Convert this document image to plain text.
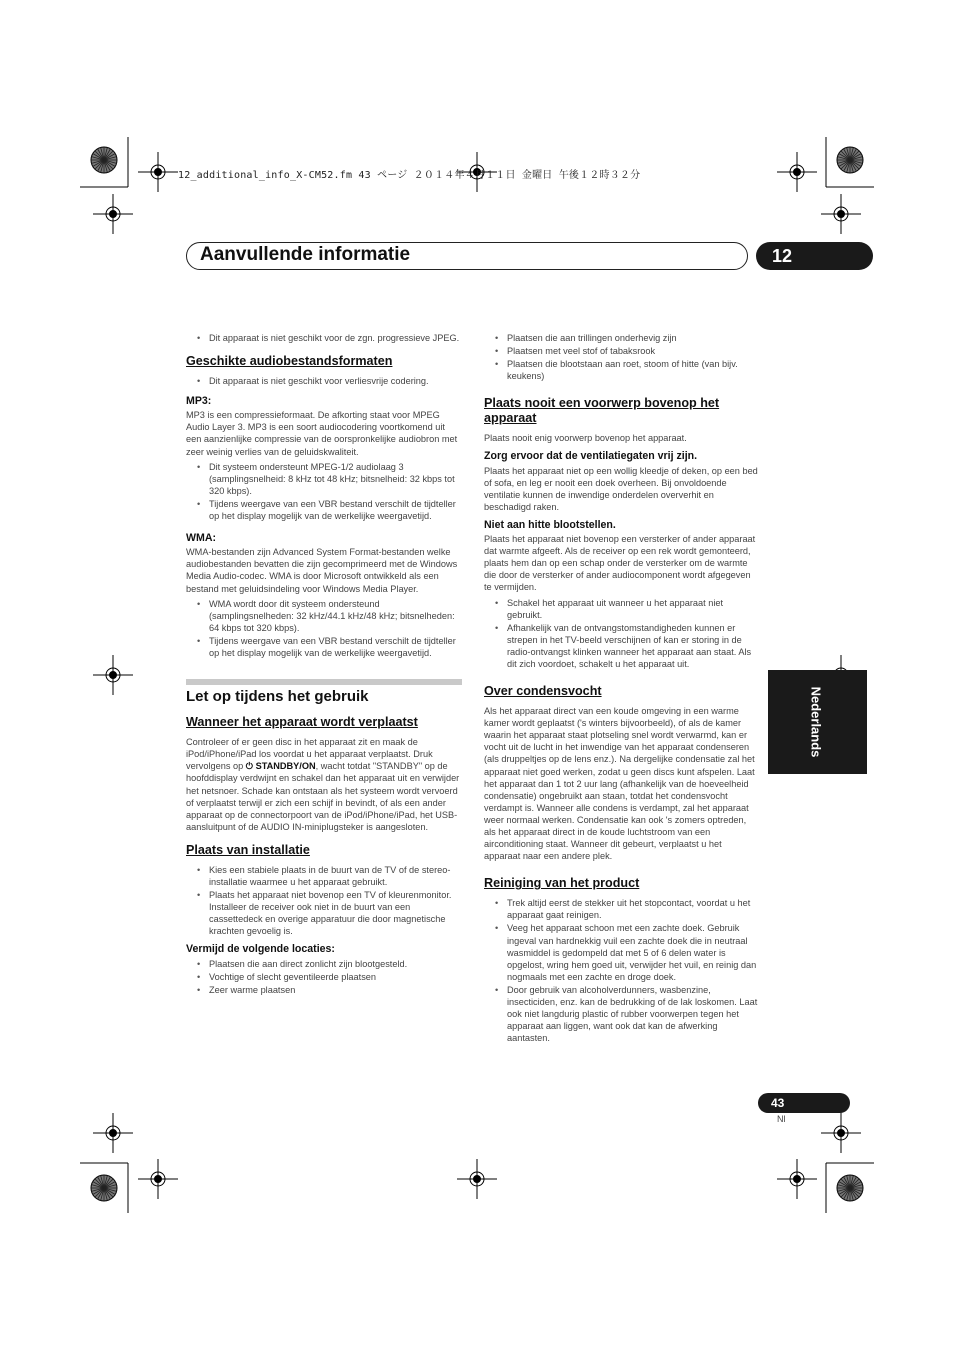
12_additional_info_X-CM52.fm 43 ページ ２０１４年４月１１日 金曜日 午後１２時３２分
Aanvullende informatie	12
Nederlands
• Dit apparaat is niet geschikt voor de zgn. progressieve JPEG.
Geschikte audiobestandsformaten
• Dit apparaat is niet geschikt voor verliesvrije codering.
MP3:

MP3 is een compressieformaat. De afkorting staat voor MPEG Audio Layer 3. MP3 is een soort audiocodering voortkomend uit een aanzienlijke compressie van de oorspronkelijke audiobron met zeer weinig verlies van de geluidskwaliteit.

• Dit systeem ondersteunt MPEG-1/2 audiolaag 3 (samplingsnelheid: 8 kHz tot 48 kHz; bitsnelheid: 32 kbps tot 320 kbps).
• Tijdens weergave van een VBR bestand verschilt de tijdteller op het display mogelijk van de werkelijke weergavetijd.
WMA:

WMA-bestanden zijn Advanced System Format-bestanden welke audiobestanden bevatten die zijn gecomprimeerd met de Windows Media Audio-codec. WMA is door Microsoft ontwikkeld als een bestand met geluidsindeling voor Windows Media Player.

• WMA wordt door dit systeem ondersteund (samplingsnelheden: 32 kHz/44.1 kHz/48 kHz; bitsnelheden: 64 kbps tot 320 kbps).
• Tijdens weergave van een VBR bestand verschilt de tijdteller op het display mogelijk van de werkelijke weergavetijd.
Let op tijdens het gebruik
Wanneer het apparaat wordt verplaatst

Controleer of er geen disc in het apparaat zit en maak de iPod/iPhone/iPad los voordat u het apparaat verplaatst. Druk vervolgens op ⏻ STANDBY/ON, wacht totdat "STANDBY" op de hoofddisplay verdwijnt en schakel dan het apparaat uit en verwijder het netsnoer. Schade kan ontstaan als het systeem wordt vervoerd of verplaatst terwijl er zich een schijf in bevindt, of als een ander apparaat op de connectorpoort van de iPod/iPhone/iPad, het USB-aansluitpunt of de AUDIO IN-miniplugsteker is aangesloten.

Plaats van installatie
• Kies een stabiele plaats in de buurt van de TV of de stereo-installatie waarmee u het apparaat gebruikt.
• Plaats het apparaat niet bovenop een TV of kleurenmonitor. Installeer de receiver ook niet in de buurt van een cassettedeck en overige apparatuur die door magnetische krachten gevoelig is.
Vermijd de volgende locaties:
• Plaatsen die aan direct zonlicht zijn blootgesteld.
• Vochtige of slecht geventileerde plaatsen
• Zeer warme plaatsen
• Plaatsen die aan trillingen onderhevig zijn
• Plaatsen met veel stof of tabaksrook
• Plaatsen die blootstaan aan roet, stoom of hitte (van bijv. keukens)
Plaats nooit een voorwerp bovenop het apparaat

Plaats nooit enig voorwerp bovenop het apparaat.

Zorg ervoor dat de ventilatiegaten vrij zijn.

Plaats het apparaat niet op een wollig kleedje of deken, op een bed of sofa, en leg er nooit een doek overheen. Bij onvoldoende ventilatie kunnen de inwendige onderdelen oververhit en beschadigd raken.

Niet aan hitte blootstellen.

Plaats het apparaat niet bovenop een versterker of ander apparaat dat warmte afgeeft. Als de receiver op een rek wordt gemonteerd, plaats hem dan op een schap onder de versterker om de warmte die door de versterker of ander audiocomponent wordt afgegeven te vermijden.

• Schakel het apparaat uit wanneer u het apparaat niet gebruikt.
• Afhankelijk van de ontvangstomstandigheden kunnen er strepen in het TV-beeld verschijnen of kan er storing in de radio-ontvangst klinken wanneer het apparaat aan staat. Als dit zich voordoet, schakelt u het apparaat uit.
Over condensvocht

Als het apparaat direct van een koude omgeving in een warme kamer wordt geplaatst ('s winters bijvoorbeeld), of als de kamer waarin het apparaat staat plotseling snel wordt verwarmd, kan er vocht uit de lucht in het inwendige van het apparaat condenseren (als druppeltjes op de lens enz.). Na dergelijke condensatie zal het apparaat niet goed werken, zodat u geen discs kunt afspelen. Laat het apparaat dan 1 tot 2 uur lang (afhankelijk van de hoeveelheid condensatie) ongebruikt aan staan, totdat het condensvocht verdampt is. Wanneer alle condens is verdampt, zal het apparaat weer normaal werken. Condensatie kan ook 's zomers optreden, als het apparaat direct in de koude luchtstroom van een airconditioning staat. Wanneer dit gebeurt, verplaatst u het apparaat naar een andere plek.

Reiniging van het product
• Trek altijd eerst de stekker uit het stopcontact, voordat u het apparaat gaat reinigen.
• Veeg het apparaat schoon met een zachte doek. Gebruik ingeval van hardnekkig vuil een zachte doek die in neutraal wasmiddel is gedompeld dat met 5 of 6 delen water is opgelost, wring hem goed uit, verwijder het vuil, en reinig dan nogmaals met een zachte en droge doek.
• Door gebruik van alcoholverdunners, wasbenzine, insecticiden, enz. kan de bedrukking of de lak loskomen. Laat ook niet langdurig plastic of rubber voorwerpen tegen het apparaat aan liggen, want ook dat kan de afwerking aantasten.
43
Nl
